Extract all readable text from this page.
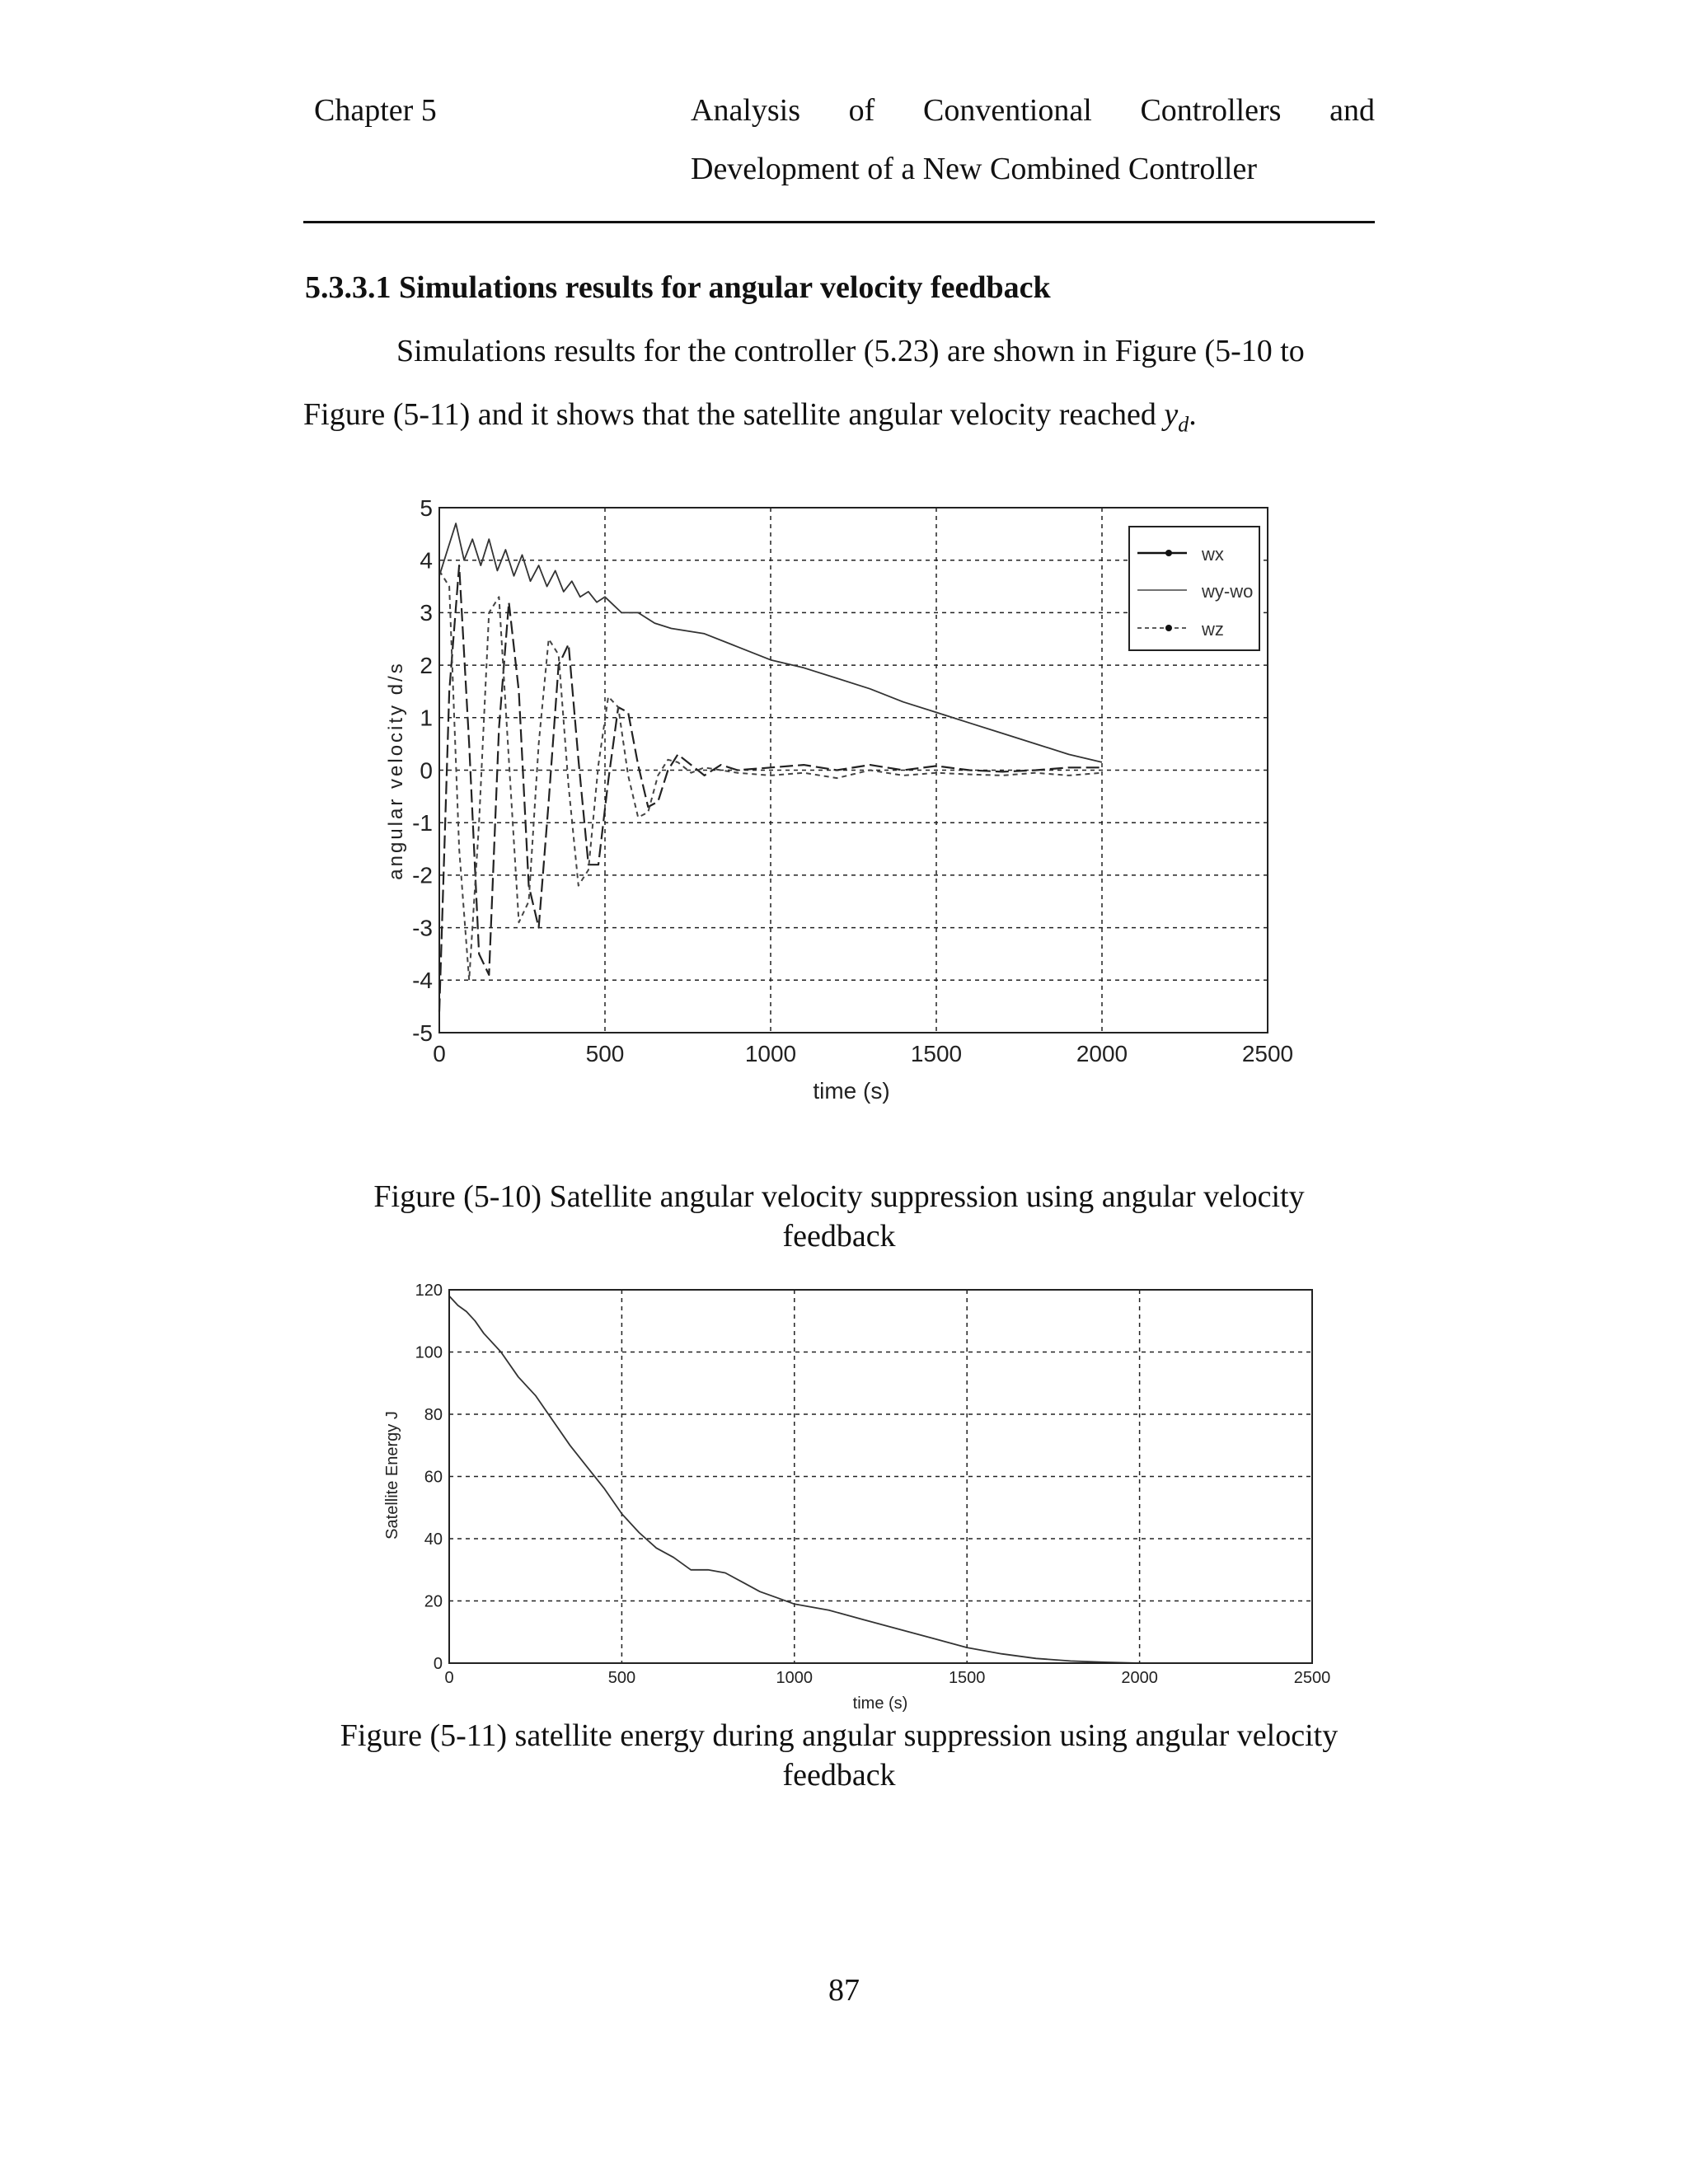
Chapter 5	Analysis of Conventional Controllers and
Development of a New Combined Controller
5.3.3.1 Simulations results for angular velocity feedback
Simulations results for the controller (5.23) are shown in Figure (5-10 to
Figure (5-11) and it shows that the satellite angular velocity reached $y_d$.
0	500	1000	1500	2000	2500
5
4
3
2
1
0
-1
-2
-3
-4
-5
time (s)
angular velocity d/s
wx
wy-wo
wz
Figure (5-10) Satellite angular velocity suppression using angular velocity
feedback
0	500	1000	1500	2000	2500
120
100
80
60
40
20
0
time (s)
Satellite Energy J
Figure (5-11) satellite energy during angular suppression using angular velocity
feedback
87
